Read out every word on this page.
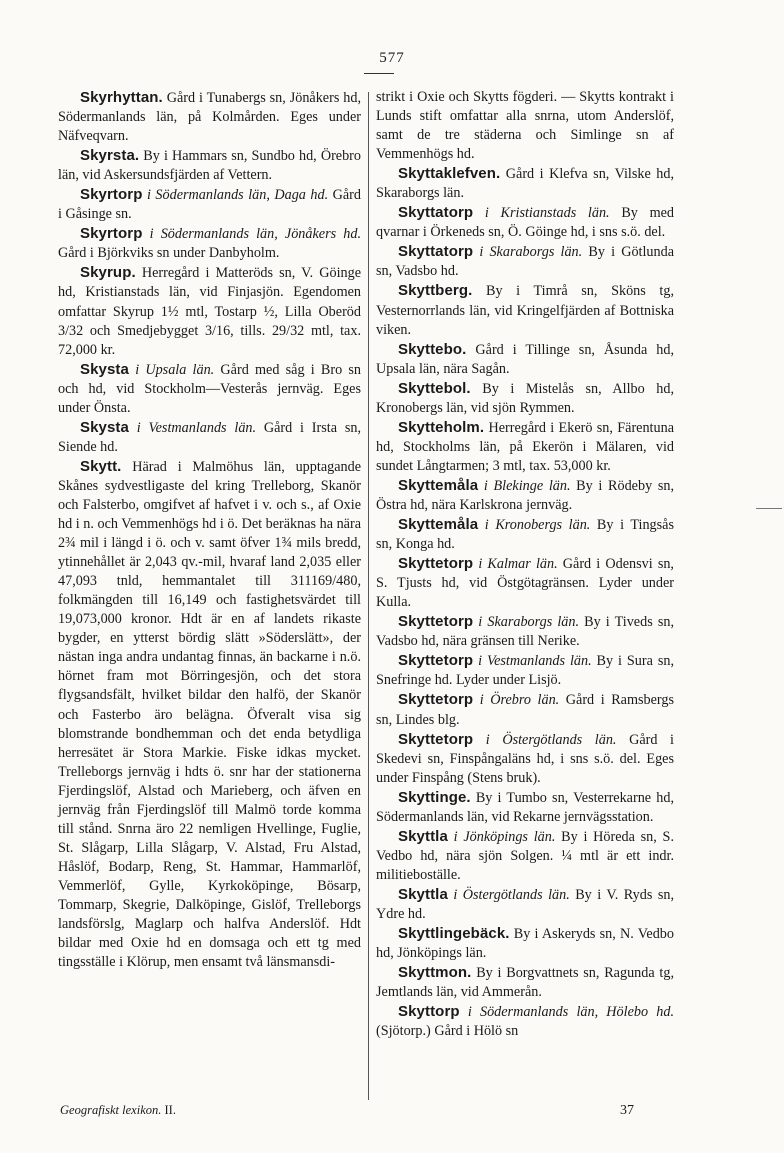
577

Skyrhyttan. Gård i Tunabergs sn, Jönåkers hd, Södermanlands län, på Kolmården. Eges under Näfveqvarn.

Skyrsta. By i Hammars sn, Sundbo hd, Örebro län, vid Askersundsfjärden af Vettern.

Skyrtorp i Södermanlands län, Daga hd. Gård i Gåsinge sn.

Skyrtorp i Södermanlands län, Jönåkers hd. Gård i Björkviks sn under Danbyholm.

Skyrup. Herregård i Matteröds sn, V. Göinge hd, Kristianstads län, vid Finjasjön. Egendomen omfattar Skyrup 1½ mtl, Tostarp ½, Lilla Oberöd 3/32 och Smedjebygget 3/16, tills. 29/32 mtl, tax. 72,000 kr.

Skysta i Upsala län. Gård med såg i Bro sn och hd, vid Stockholm—Vesterås jernväg. Eges under Önsta.

Skysta i Vestmanlands län. Gård i Irsta sn, Siende hd.

Skytt. Härad i Malmöhus län, upptagande Skånes sydvestligaste del kring Trelleborg, Skanör och Falsterbo, omgifvet af hafvet i v. och s., af Oxie hd i n. och Vemmenhögs hd i ö. Det beräknas ha nära 2¾ mil i längd i ö. och v. samt öfver 1¾ mils bredd, ytinnehållet är 2,043 qv.-mil, hvaraf land 2,035 eller 47,093 tnld, hemmantalet till 311169/480, folkmängden till 16,149 och fastighetsvärdet till 19,073,000 kronor. Hdt är en af landets rikaste bygder, en ytterst bördig slätt »Söderslätt», der nästan inga andra undantag finnas, än backarne i n.ö. hörnet fram mot Börringesjön, och det stora flygsandsfält, hvilket bildar den halfö, der Skanör och Fasterbo äro belägna. Öfveralt visa sig blomstrande bondhemman och det enda betydliga herresätet är Stora Markie. Fiske idkas mycket. Trelleborgs jernväg i hdts ö. snr har der stationerna Fjerdingslöf, Alstad och Marieberg, och äfven en jernväg från Fjerdingslöf till Malmö torde komma till stånd. Snrna äro 22 nemligen Hvellinge, Fuglie, St. Slågarp, Lilla Slågarp, V. Alstad, Fru Alstad, Håslöf, Bodarp, Reng, St. Hammar, Hammarlöf, Vemmerlöf, Gylle, Kyrkoköpinge, Bösarp, Tommarp, Skegrie, Dalköpinge, Gislöf, Trelleborgs landsförslg, Maglarp och halfva Anderslöf. Hdt bildar med Oxie hd en domsaga och ett tg med tingsställe i Klörup, men ensamt två länsmansdi-

strikt i Oxie och Skytts fögderi. — Skytts kontrakt i Lunds stift omfattar alla snrna, utom Anderslöf, samt de tre städerna och Simlinge sn af Vemmenhögs hd.

Skyttaklefven. Gård i Klefva sn, Vilske hd, Skaraborgs län.

Skyttatorp i Kristianstads län. By med qvarnar i Örkeneds sn, Ö. Göinge hd, i sns s.ö. del.

Skyttatorp i Skaraborgs län. By i Götlunda sn, Vadsbo hd.

Skyttberg. By i Timrå sn, Sköns tg, Vesternorrlands län, vid Kringelfjärden af Bottniska viken.

Skyttebo. Gård i Tillinge sn, Åsunda hd, Upsala län, nära Sagån.

Skyttebol. By i Mistelås sn, Allbo hd, Kronobergs län, vid sjön Rymmen.

Skytteholm. Herregård i Ekerö sn, Färentuna hd, Stockholms län, på Ekerön i Mälaren, vid sundet Långtarmen; 3 mtl, tax. 53,000 kr.

Skyttemåla i Blekinge län. By i Rödeby sn, Östra hd, nära Karlskrona jernväg.

Skyttemåla i Kronobergs län. By i Tingsås sn, Konga hd.

Skyttetorp i Kalmar län. Gård i Odensvi sn, S. Tjusts hd, vid Östgötagränsen. Lyder under Kulla.

Skyttetorp i Skaraborgs län. By i Tiveds sn, Vadsbo hd, nära gränsen till Nerike.

Skyttetorp i Vestmanlands län. By i Sura sn, Snefringe hd. Lyder under Lisjö.

Skyttetorp i Örebro län. Gård i Ramsbergs sn, Lindes blg.

Skyttetorp i Östergötlands län. Gård i Skedevi sn, Finspångaläns hd, i sns s.ö. del. Eges under Finspång (Stens bruk).

Skyttinge. By i Tumbo sn, Vesterrekarne hd, Södermanlands län, vid Rekarne jernvägsstation.

Skyttla i Jönköpings län. By i Höreda sn, S. Vedbo hd, nära sjön Solgen. ¼ mtl är ett indr. militieboställe.

Skyttla i Östergötlands län. By i V. Ryds sn, Ydre hd.

Skyttlingebäck. By i Askeryds sn, N. Vedbo hd, Jönköpings län.

Skyttmon. By i Borgvattnets sn, Ragunda tg, Jemtlands län, vid Ammerån.

Skyttorp i Södermanlands län, Hölebo hd. (Sjötorp.) Gård i Hölö sn

Geografiskt lexikon. II.	37
